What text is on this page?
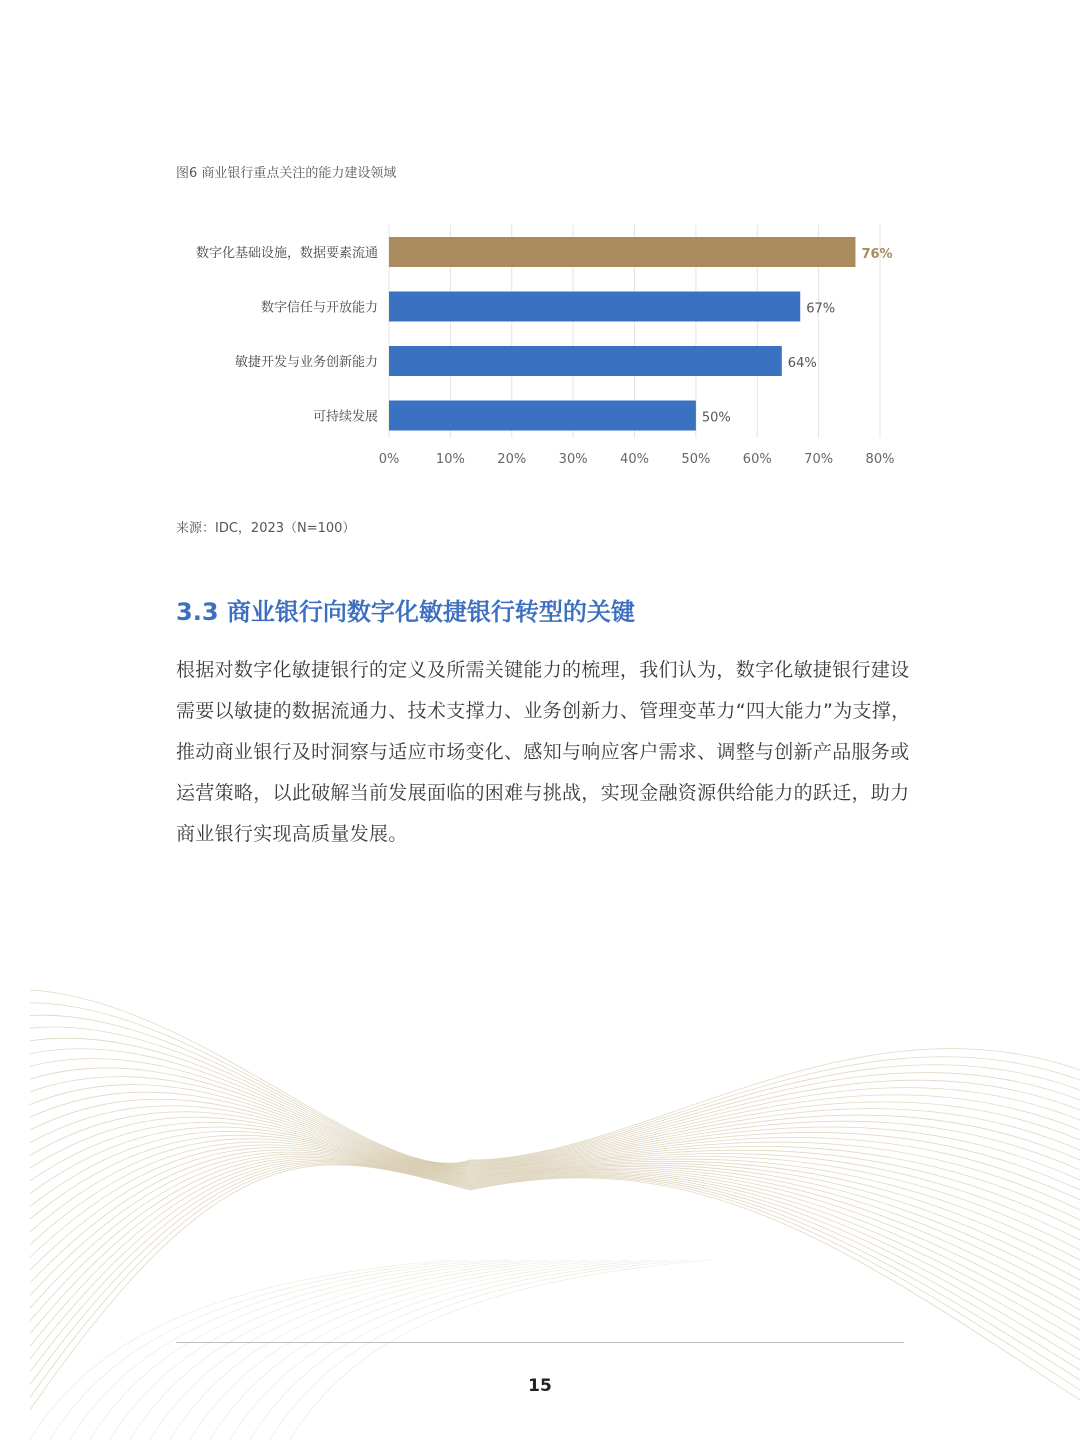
图6 商业银行重点关注的能力建设领域
0%	10% 20% 30% 40% 50% 60% 70% 80%
数字化基础设施，数据要素流通	76%
数字信任与开放能力	67%
敏捷开发与业务创新能力	64%
可持续发展	50%
来源：IDC，2023（N=100）
3.3 商业银行向数字化敏捷银行转型的关键

根据对数字化敏捷银行的定义及所需关键能力的梳理，我们认为，数字化敏捷银行建设需要以敏捷的数据流通力、技术支撑力、业务创新力、管理变革力“四大能力”为支撑，推动商业银行及时洞察与适应市场变化、感知与响应客户需求、调整与创新产品服务或运营策略，以此破解当前发展面临的困难与挑战，实现金融资源供给能力的跃迁，助力商业银行实现高质量发展。

15
